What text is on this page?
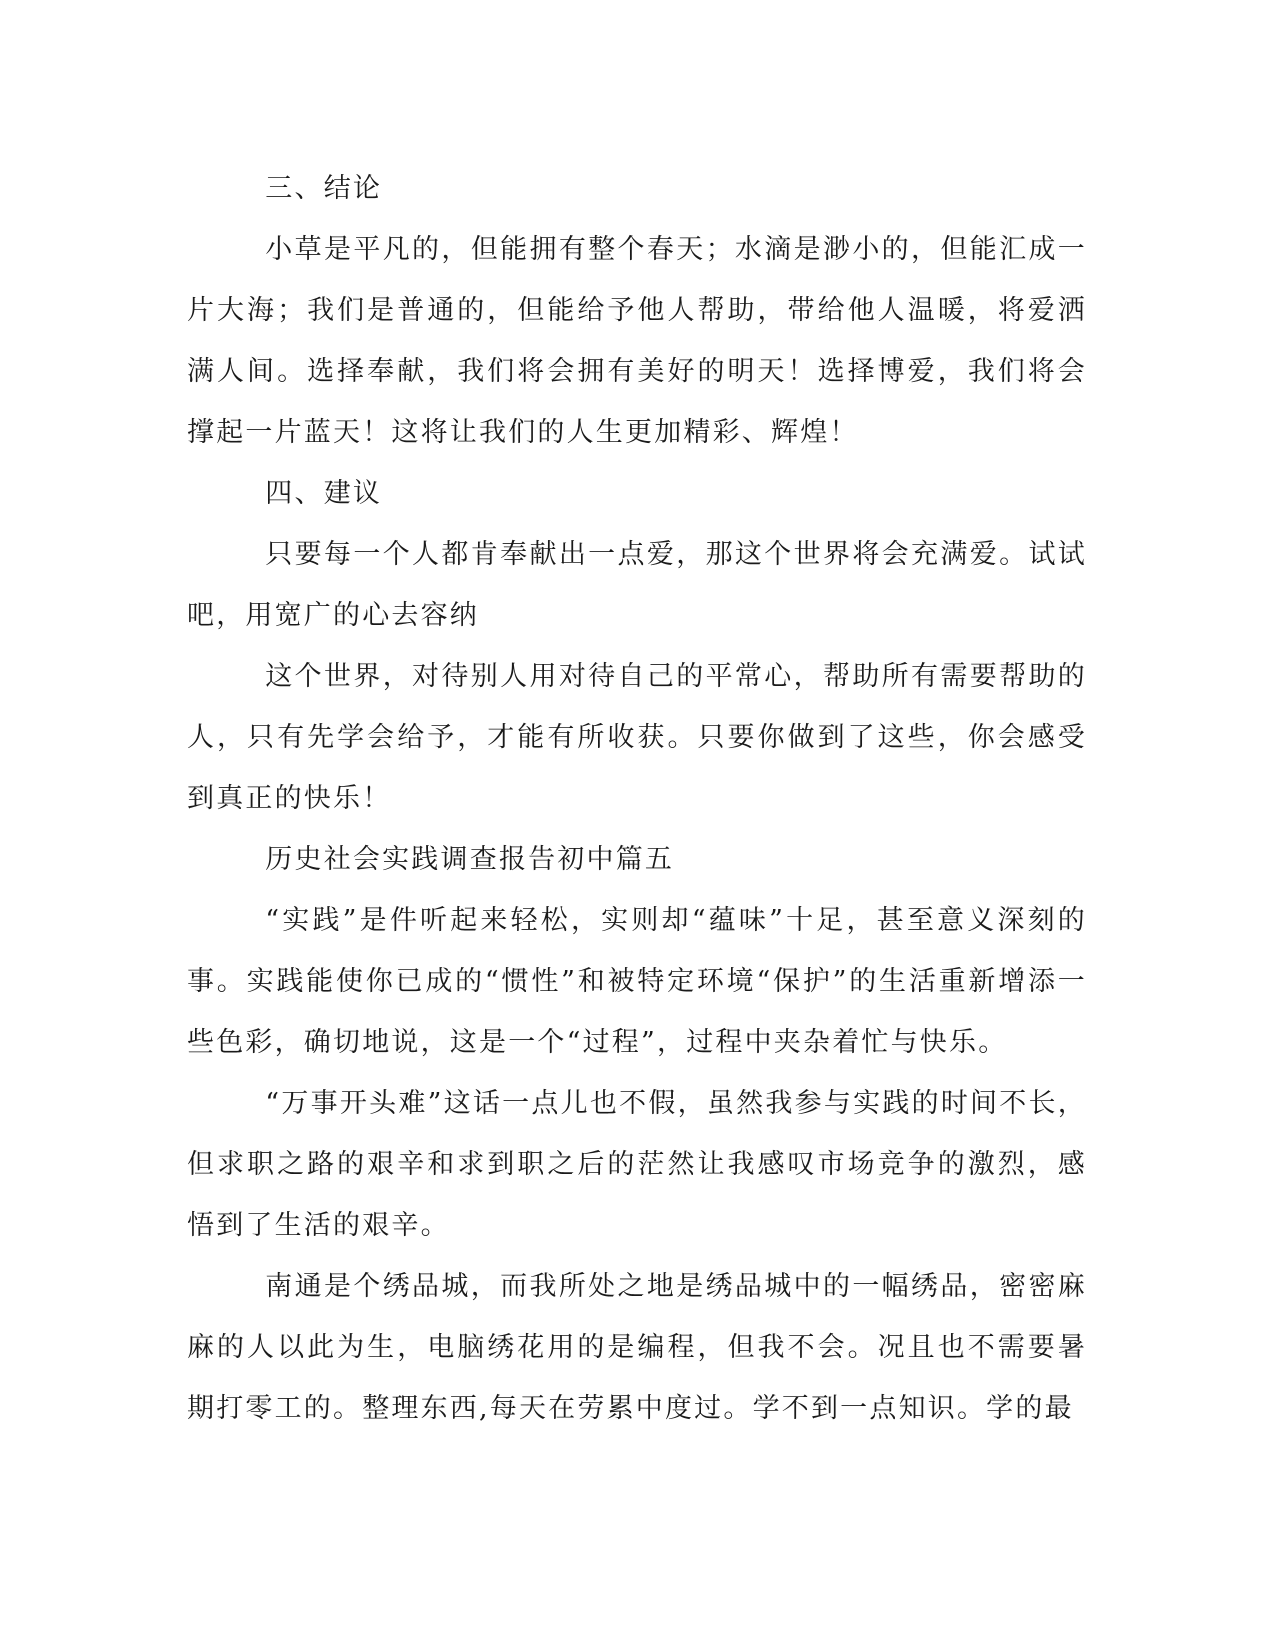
三、结论

小草是平凡的，但能拥有整个春天；水滴是渺小的，但能汇成一片大海；我们是普通的，但能给予他人帮助，带给他人温暖，将爱洒满人间。选择奉献，我们将会拥有美好的明天！选择博爱，我们将会撑起一片蓝天！这将让我们的人生更加精彩、辉煌！

四、建议

只要每一个人都肯奉献出一点爱，那这个世界将会充满爱。试试吧，用宽广的心去容纳

这个世界，对待别人用对待自己的平常心，帮助所有需要帮助的人，只有先学会给予，才能有所收获。只要你做到了这些，你会感受到真正的快乐！

历史社会实践调查报告初中篇五

“实践”是件听起来轻松，实则却“蕴味”十足，甚至意义深刻的事。实践能使你已成的“惯性”和被特定环境“保护”的生活重新增添一些色彩，确切地说，这是一个“过程”，过程中夹杂着忙与快乐。

“万事开头难”这话一点儿也不假，虽然我参与实践的时间不长，但求职之路的艰辛和求到职之后的茫然让我感叹市场竞争的激烈，感悟到了生活的艰辛。

南通是个绣品城，而我所处之地是绣品城中的一幅绣品，密密麻麻的人以此为生，电脑绣花用的是编程，但我不会。况且也不需要暑期打零工的。整理东西,每天在劳累中度过。学不到一点知识。学的最
